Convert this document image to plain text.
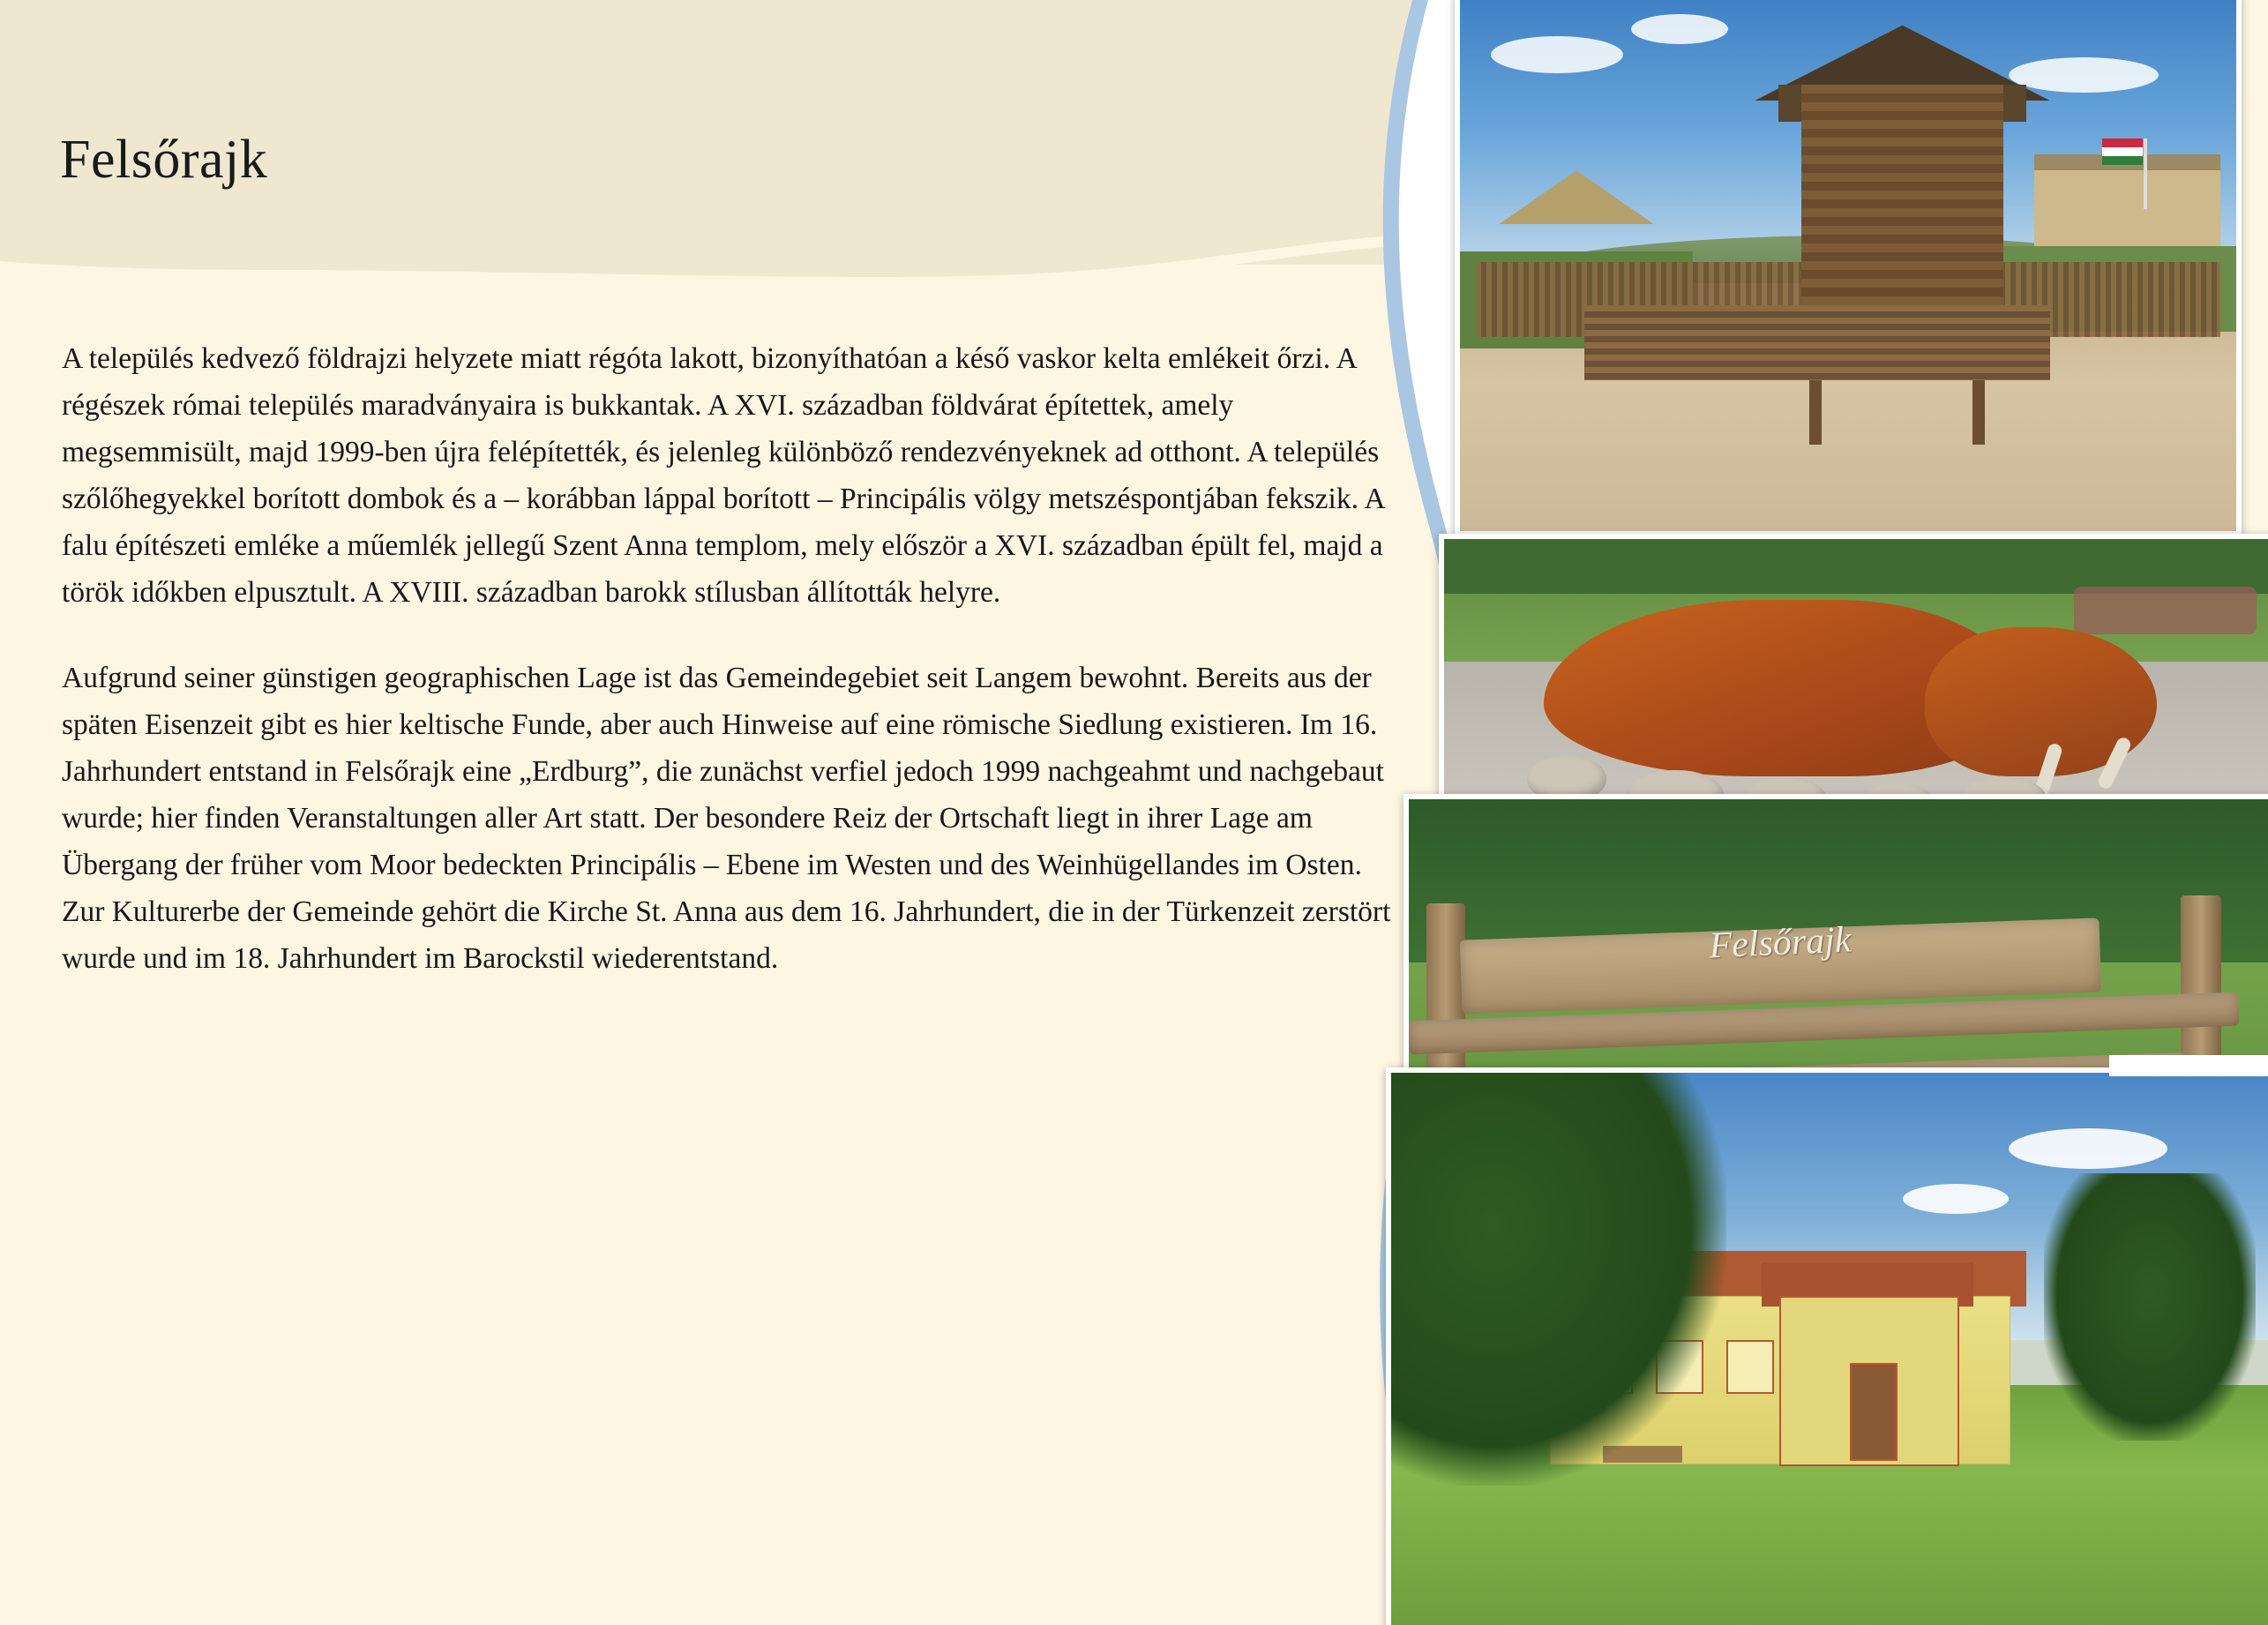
Felsőrajk

A település kedvező földrajzi helyzete miatt régóta lakott, bizonyíthatóan a késő vaskor kelta emlékeit őrzi. A régészek római település maradványaira is bukkantak. A XVI. században földvárat építettek, amely megsemmisült, majd 1999-ben újra felépítették, és jelenleg különböző rendezvényeknek ad otthont. A település szőlőhegyekkel borított dombok és a – korábban láppal borított – Principális völgy metszéspontjában fekszik. A falu építészeti emléke a műemlék jellegű Szent Anna templom, mely először a XVI. században épült fel, majd a török időkben elpusztult. A XVIII. században barokk stílusban állították helyre.

Aufgrund seiner günstigen geographischen Lage ist das Gemeindegebiet seit Langem bewohnt. Bereits aus der späten Eisenzeit gibt es hier keltische Funde, aber auch Hinweise auf eine römische Siedlung existieren. Im 16. Jahrhundert entstand in Felsőrajk eine „Erdburg”, die zunächst verfiel jedoch 1999 nachgeahmt und nachgebaut wurde; hier finden Veranstaltungen aller Art statt. Der besondere Reiz der Ortschaft liegt in ihrer Lage am Übergang der früher vom Moor bedeckten Principális – Ebene im Westen und des Weinhügellandes im Osten. Zur Kulturerbe der Gemeinde gehört die Kirche St. Anna aus dem 16. Jahrhundert, die in der Türkenzeit zerstört wurde und im 18. Jahrhundert im Barockstil wiederentstand.	Felsőrajk
